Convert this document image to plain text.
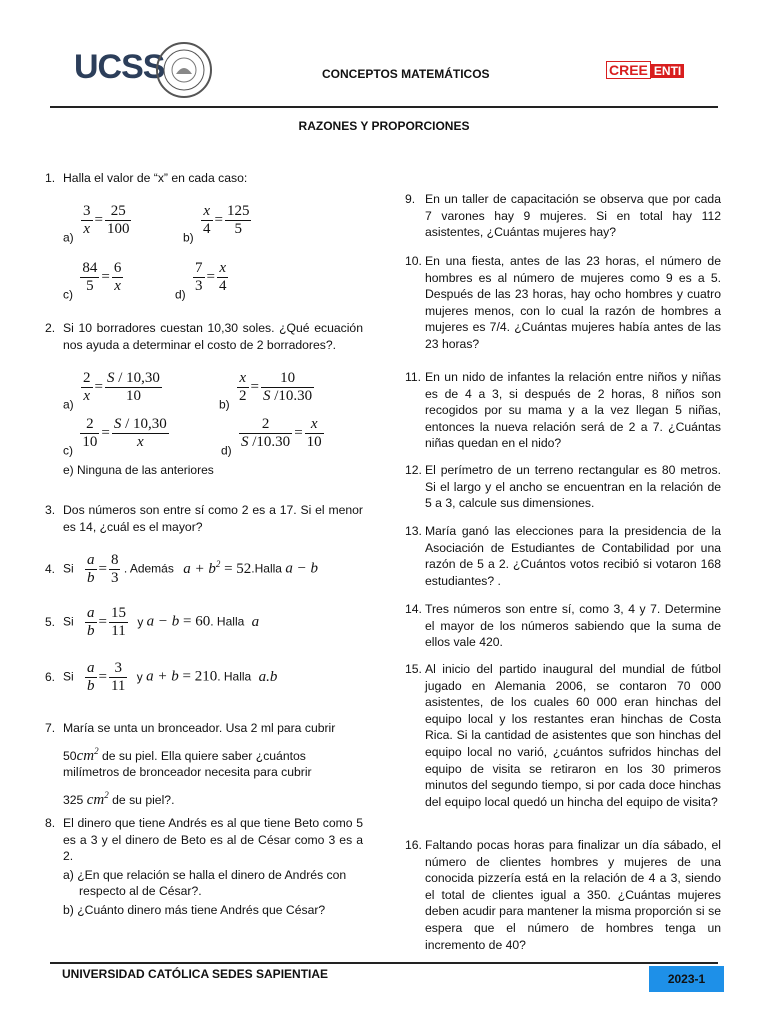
UCSS	CONCEPTOS MATEMÁTICOS	CREE ENTI
RAZONES Y PROPORCIONES
1. Halla el valor de “x” en cada caso:
$a) \frac{3}{x} = \frac{25}{100}$	$b) \frac{x}{4} = \frac{125}{5}$
$c) \frac{84}{5} = \frac{6}{x}$	$d) \frac{7}{3} = \frac{x}{4}$
2. Si 10 borradores cuestan 10,30 soles. ¿Qué ecuación nos ayuda a determinar el costo de 2 borradores?.
$a) \frac{2}{x} = \frac{S / 10,30}{10}$	$b) \frac{x}{2} = \frac{10}{S /10.30}$
$c) \frac{2}{10} = \frac{S / 10,30}{x}$	$d) \frac{2}{S /10.30} = \frac{x}{10}$
e) Ninguna de las anteriores
3. Dos números son entre sí como 2 es a 17. Si el menor es 14, ¿cuál es el mayor?
4. Si $\frac{a}{b} = \frac{8}{3}$ . Además $a + b^2$ = 52.Halla a − b
5. Si $\frac{a}{b} = \frac{15}{11}$ y a − b = 60. Halla a
6. Si $\frac{a}{b} = \frac{3}{11}$ y a + b = 210. Halla a.b
7. María se unta un bronceador. Usa 2 ml para cubrir
$50cm^2$ de su piel. Ella quiere saber ¿cuántos
milímetros de bronceador necesita para cubrir
325 $cm^2$ de su piel?.
8. El dinero que tiene Andrés es al que tiene Beto como 5 es a 3 y el dinero de Beto es al de César como 3 es a 2.
a) ¿En que relación se halla el dinero de Andrés con respecto al de César?.
b) ¿Cuánto dinero más tiene Andrés que César?
9. En un taller de capacitación se observa que por cada 7 varones hay 9 mujeres. Si en total hay 112 asistentes, ¿Cuántas mujeres hay?
10. En una fiesta, antes de las 23 horas, el número de hombres es al número de mujeres como 9 es a 5. Después de las 23 horas, hay ocho hombres y cuatro mujeres menos, con lo cual la razón de hombres a mujeres es 7/4. ¿Cuántas mujeres había antes de las 23 horas?
11. En un nido de infantes la relación entre niños y niñas es de 4 a 3, si después de 2 horas, 8 niños son recogidos por su mama y a la vez llegan 5 niñas, entonces la nueva relación será de 2 a 7. ¿Cuántas niñas quedan en el nido?
12. El perímetro de un terreno rectangular es 80 metros. Si el largo y el ancho se encuentran en la relación de 5 a 3, calcule sus dimensiones.
13. María ganó las elecciones para la presidencia de la Asociación de Estudiantes de Contabilidad por una razón de 5 a 2. ¿Cuántos votos recibió si votaron 168 estudiantes? .
14. Tres números son entre sí, como 3, 4 y 7. Determine el mayor de los números sabiendo que la suma de ellos vale 420.
15. Al inicio del partido inaugural del mundial de fútbol jugado en Alemania 2006, se contaron 70 000 asistentes, de los cuales 60 000 eran hinchas del equipo local y los restantes eran hinchas de Costa Rica. Si la cantidad de asistentes que son hinchas del equipo local no varió, ¿cuántos sufridos hinchas del equipo de visita se retiraron en los 30 primeros minutos del segundo tiempo, si por cada doce hinchas del equipo local quedó un hincha del equipo de visita?
16. Faltando pocas horas para finalizar un día sábado, el número de clientes hombres y mujeres de una conocida pizzería está en la relación de 4 a 3, siendo el total de clientes igual a 350. ¿Cuántas mujeres deben acudir para mantener la misma proporción si se espera que el número de hombres tenga un incremento de 40?
UNIVERSIDAD CATÓLICA SEDES SAPIENTIAE	2023-1
